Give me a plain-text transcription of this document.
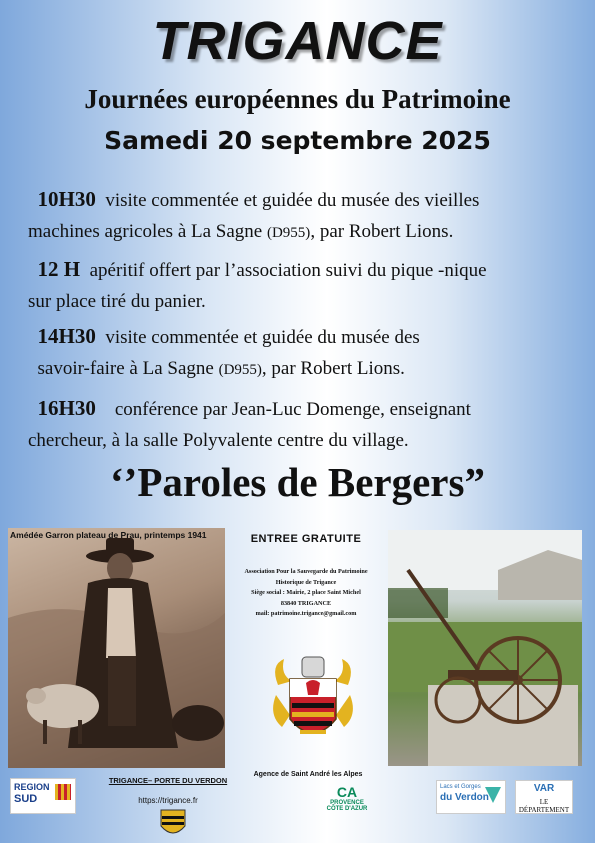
TRIGANCE
Journées européennes du Patrimoine
Samedi 20 septembre 2025
10H30 visite commentée et guidée du musée des vieilles
machines agricoles à La Sagne (D955), par Robert Lions.
12 H apéritif offert par l’association suivi du pique -nique
sur place tiré du panier.
14H30 visite commentée et guidée du musée des
savoir-faire à La Sagne (D955), par Robert Lions.
16H30 conférence par Jean-Luc Domenge, enseignant
chercheur, à la salle Polyvalente centre du village.
‘’Paroles de Bergers”
Amédée Garron plateau de Prau, printemps 1941	ENTREE GRATUITE
Association Pour la Sauvegarde du Patrimoine
Historique de Trigance
Siège social : Mairie, 2 place Saint Michel
83840 TRIGANCE
mail: patrimoine.trigance@gmail.com
REGION
SUD
TRIGANCE– PORTE DU VERDON
https://trigance.fr
Agence de Saint André les Alpes
CA
PROVENCE
CÔTE D'AZUR
Lacs et Gorges
du Verdon
VAR
LE DÉPARTEMENT
